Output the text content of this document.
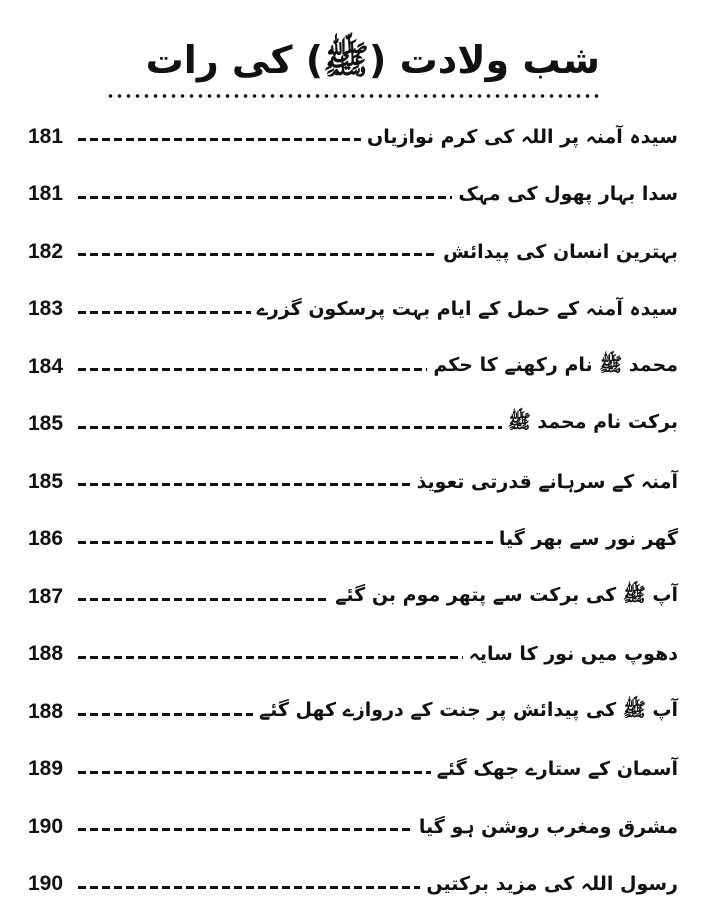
شب ولادت (ﷺ) کی رات
181	سیدہ آمنہ پر اللہ کی کرم نوازیاں
181	سدا بہار پھول کی مہک
182	بہترین انسان کی پیدائش
183	سیدہ آمنہ کے حمل کے ایام بہت پرسکون گزرے
184	محمد ﷺ نام رکھنے کا حکم
185	برکت نام محمد ﷺ
185	آمنہ کے سرہانے قدرتی تعویذ
186	گھر نور سے بھر گیا
187	آپ ﷺ کی برکت سے پتھر موم بن گئے
188	دھوپ میں نور کا سایہ
188	آپ ﷺ کی پیدائش پر جنت کے دروازے کھل گئے
189	آسمان کے ستارے جھک گئے
190	مشرق ومغرب روشن ہو گیا
190	رسول اللہ کی مزید برکتیں
